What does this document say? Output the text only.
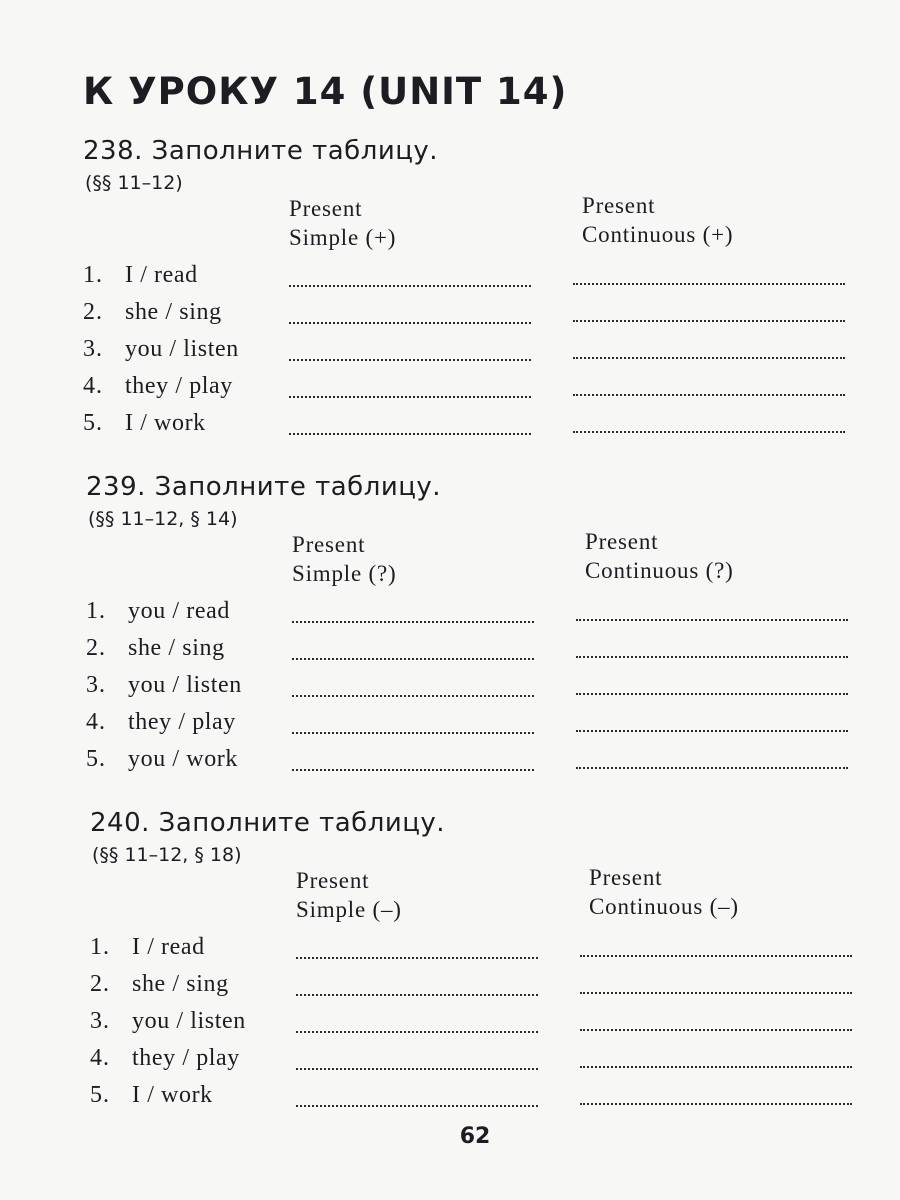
К УРОКУ 14 (UNIT 14)
238. Заполните таблицу.
(§§ 11–12)
Present
Simple (+)
Present
Continuous (+)
1. I / read
2. she / sing
3. you / listen
4. they / play
5. I / work
239. Заполните таблицу.
(§§ 11–12, § 14)
Present
Simple (?)
Present
Continuous (?)
1. you / read
2. she / sing
3. you / listen
4. they / play
5. you / work
240. Заполните таблицу.
(§§ 11–12, § 18)
Present
Simple (–)
Present
Continuous (–)
1. I / read
2. she / sing
3. you / listen
4. they / play
5. I / work
62
